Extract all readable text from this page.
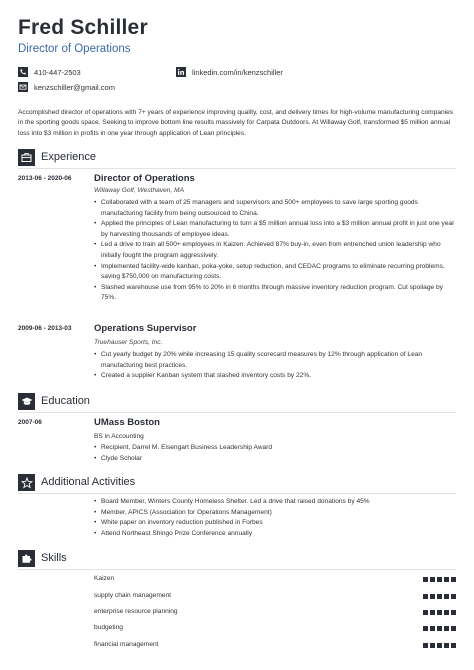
Fred Schiller
Director of Operations
410-447-2503
kenzschiller@gmail.com
linkedin.com/in/kenzschiller
Accomplished director of operations with 7+ years of experience improving quality, cost, and delivery times for high-volume manufacturing companies in the sporting goods space. Seeking to improve bottom line results massively for Carpata Outdoors. At Willaway Golf, transformed $5 million annual loss into $3 million in profits in one year through application of Lean principles.
Experience
2013-06 - 2020-06 Director of Operations
Willaway Golf, Westhaven, MA
• Collaborated with a team of 25 managers and supervisors and 500+ employees to save large sporting goods manufacturing facility from being outsourced to China.
• Applied the principles of Lean manufacturing to turn a $5 million annual loss into a $3 million annual profit in just one year by harvesting thousands of employee ideas.
• Led a drive to train all 500+ employees in Kaizen. Achieved 87% buy-in, even from entrenched union leadership who initially fought the program aggressively.
• Implemented facility-wide kanban, poka-yoke, setup reduction, and CEDAC programs to eliminate recurring problems, saving $750,000 on manufacturing costs.
• Slashed warehouse use from 95% to 20% in 6 months through massive inventory reduction program. Cut spoilage by 75%.
2009-06 - 2013-03 Operations Supervisor
Truehauser Sports, Inc.
• Cut yearly budget by 20% while increasing 15 quality scorecard measures by 12% through application of Lean manufacturing best practices.
• Created a supplier Kanban system that slashed inventory costs by 22%.
Education
2007-06	UMass Boston
BS in Accounting
• Recipient, Darrel M. Eisengart Business Leadership Award
• Clyde Scholar
Additional Activities
• Board Member, Winters County Homeless Shelter. Led a drive that raised donations by 45%
• Member, APICS (Association for Operations Management)
• White paper on inventory reduction published in Forbes
• Attend Northeast Shingo Prize Conference annually
Skills
Kaizen
supply chain management
enterprise resource planning
budgeting
financial management
